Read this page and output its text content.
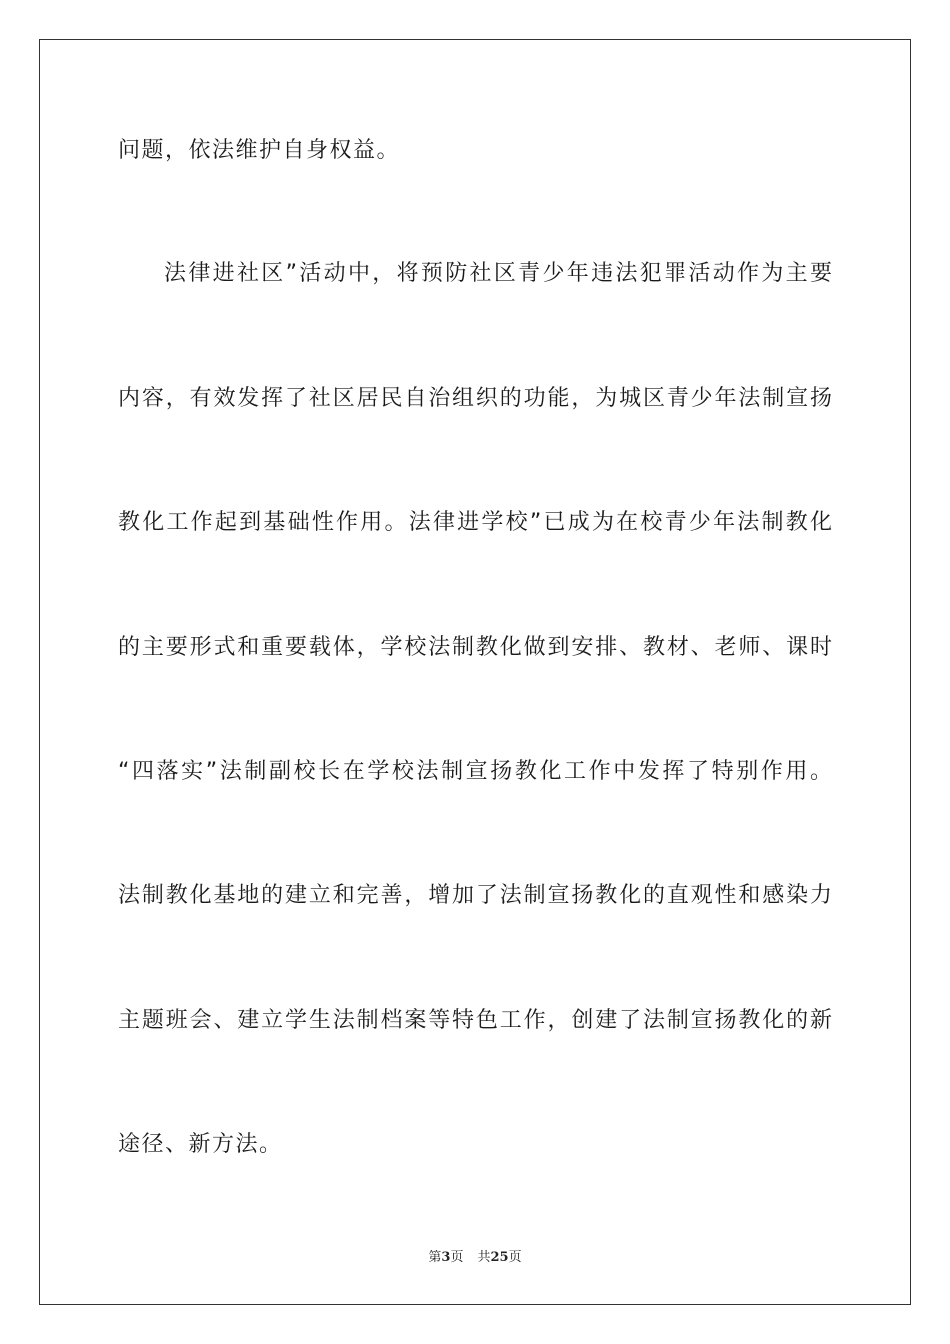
问题，依法维护自身权益。
法律进社区”活动中，将预防社区青少年违法犯罪活动作为主要
内容，有效发挥了社区居民自治组织的功能，为城区青少年法制宣扬
教化工作起到基础性作用。法律进学校”已成为在校青少年法制教化
的主要形式和重要载体，学校法制教化做到安排、教材、老师、课时
“四落实”法制副校长在学校法制宣扬教化工作中发挥了特别作用。
法制教化基地的建立和完善，增加了法制宣扬教化的直观性和感染力
主题班会、建立学生法制档案等特色工作，创建了法制宣扬教化的新
途径、新方法。
第3页 共25页
